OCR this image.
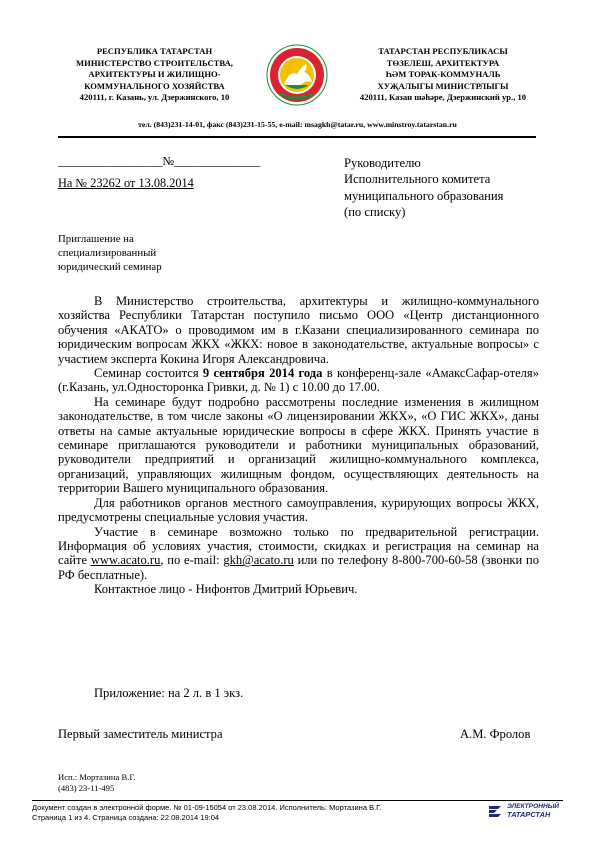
РЕСПУБЛИКА ТАТАРСТАН
МИНИСТЕРСТВО СТРОИТЕЛЬСТВА,
АРХИТЕКТУРЫ И ЖИЛИЩНО-
КОММУНАЛЬНОГО ХОЗЯЙСТВА
420111, г. Казань, ул. Дзержинского, 10
ТАТАРСТАН РЕСПУБЛИКАСЫ
ТӨЗЕЛЕШ, АРХИТЕКТУРА
ҺӘМ ТОРАК-КОММУНАЛЬ
ХУҖАЛЫГЫ МИНИСТРЛЫГЫ
420111, Казан шәһәре, Дзержинский ур., 10
тел. (843)231-14-01, факс (843)231-15-55, e-mail: msagkh@tatar.ru, www.minstroy.tatarstan.ru
_________________№______________
На № 23262 от 13.08.2014
Руководителю
Исполнительного комитета
муниципального образования
(по списку)
Приглашение на
специализированный
юридический семинар

В Министерство строительства, архитектуры и жилищно-коммунального хозяйства Республики Татарстан поступило письмо ООО «Центр дистанционного обучения «АКАТО» о проводимом им в г.Казани специализированного семинара по юридическим вопросам ЖКХ «ЖКХ: новое в законодательстве, актуальные вопросы» с участием эксперта Кокина Игоря Александровича.

Семинар состоится 9 сентября 2014 года в конференц-зале «АмаксСафар-отеля» (г.Казань, ул.Односторонка Гривки, д. № 1) с 10.00 до 17.00.

На семинаре будут подробно рассмотрены последние изменения в жилищном законодательстве, в том числе законы «О лицензировании ЖКХ», «О ГИС ЖКХ», даны ответы на самые актуальные юридические вопросы в сфере ЖКХ. Принять участие в семинаре приглашаются руководители и работники муниципальных образований, руководители предприятий и организаций жилищно-коммунального комплекса, организаций, управляющих жилищным фондом, осуществляющих деятельность на территории Вашего муниципального образования.

Для работников органов местного самоуправления, курирующих вопросы ЖКХ, предусмотрены специальные условия участия.

Участие в семинаре возможно только по предварительной регистрации. Информация об условиях участия, стоимости, скидках и регистрация на семинар на сайте www.acato.ru, по e-mail: gkh@acato.ru или по телефону 8-800-700-60-58 (звонки по РФ бесплатные).

Контактное лицо - Нифонтов Дмитрий Юрьевич.

Приложение: на 2 л. в 1 экз.
Первый заместитель министра	А.М. Фролов
Исп.: Мортазина В.Г.
(483) 23-11-495
Документ создан в электронной форме. № 01-09-15054 от 23.08.2014. Исполнитель: Мортазина В.Г.
Страница 1 из 4. Страница создана: 22.08.2014 19:04
ЭЛЕКТРОННЫЙ
ТАТАРСТАН
